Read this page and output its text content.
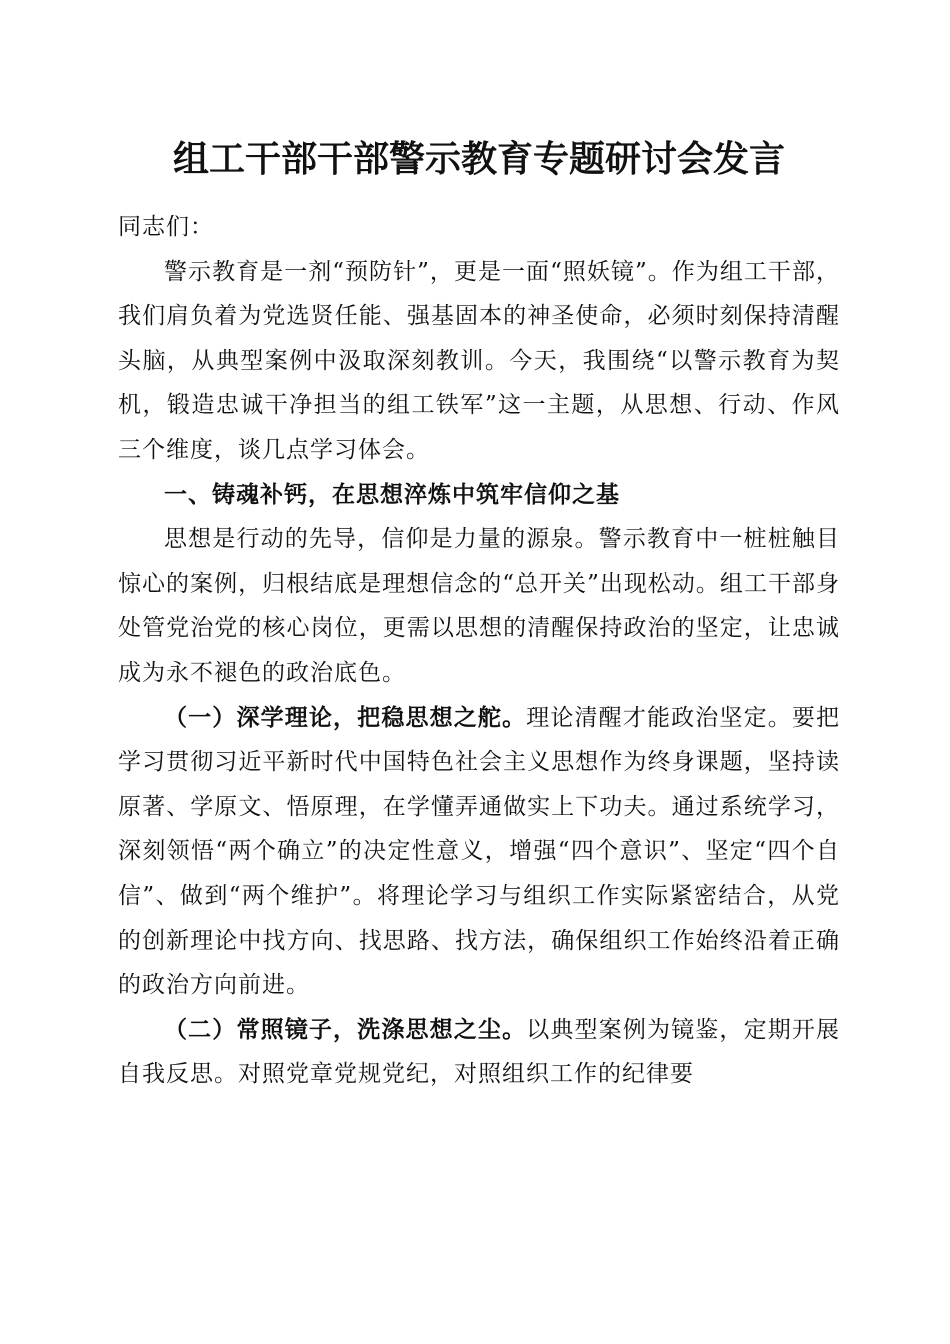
组工干部干部警示教育专题研讨会发言

同志们：

警示教育是一剂“预防针”，更是一面“照妖镜”。作为组工干部，我们肩负着为党选贤任能、强基固本的神圣使命，必须时刻保持清醒头脑，从典型案例中汲取深刻教训。今天，我围绕“以警示教育为契机，锻造忠诚干净担当的组工铁军”这一主题，从思想、行动、作风三个维度，谈几点学习体会。

一、铸魂补钙，在思想淬炼中筑牢信仰之基

思想是行动的先导，信仰是力量的源泉。警示教育中一桩桩触目惊心的案例，归根结底是理想信念的“总开关”出现松动。组工干部身处管党治党的核心岗位，更需以思想的清醒保持政治的坚定，让忠诚成为永不褪色的政治底色。

（一）深学理论，把稳思想之舵。理论清醒才能政治坚定。要把学习贯彻习近平新时代中国特色社会主义思想作为终身课题，坚持读原著、学原文、悟原理，在学懂弄通做实上下功夫。通过系统学习，深刻领悟“两个确立”的决定性意义，增强“四个意识”、坚定“四个自信”、做到“两个维护”。将理论学习与组织工作实际紧密结合，从党的创新理论中找方向、找思路、找方法，确保组织工作始终沿着正确的政治方向前进。

（二）常照镜子，洗涤思想之尘。以典型案例为镜鉴，定期开展自我反思。对照党章党规党纪，对照组织工作的纪律要
